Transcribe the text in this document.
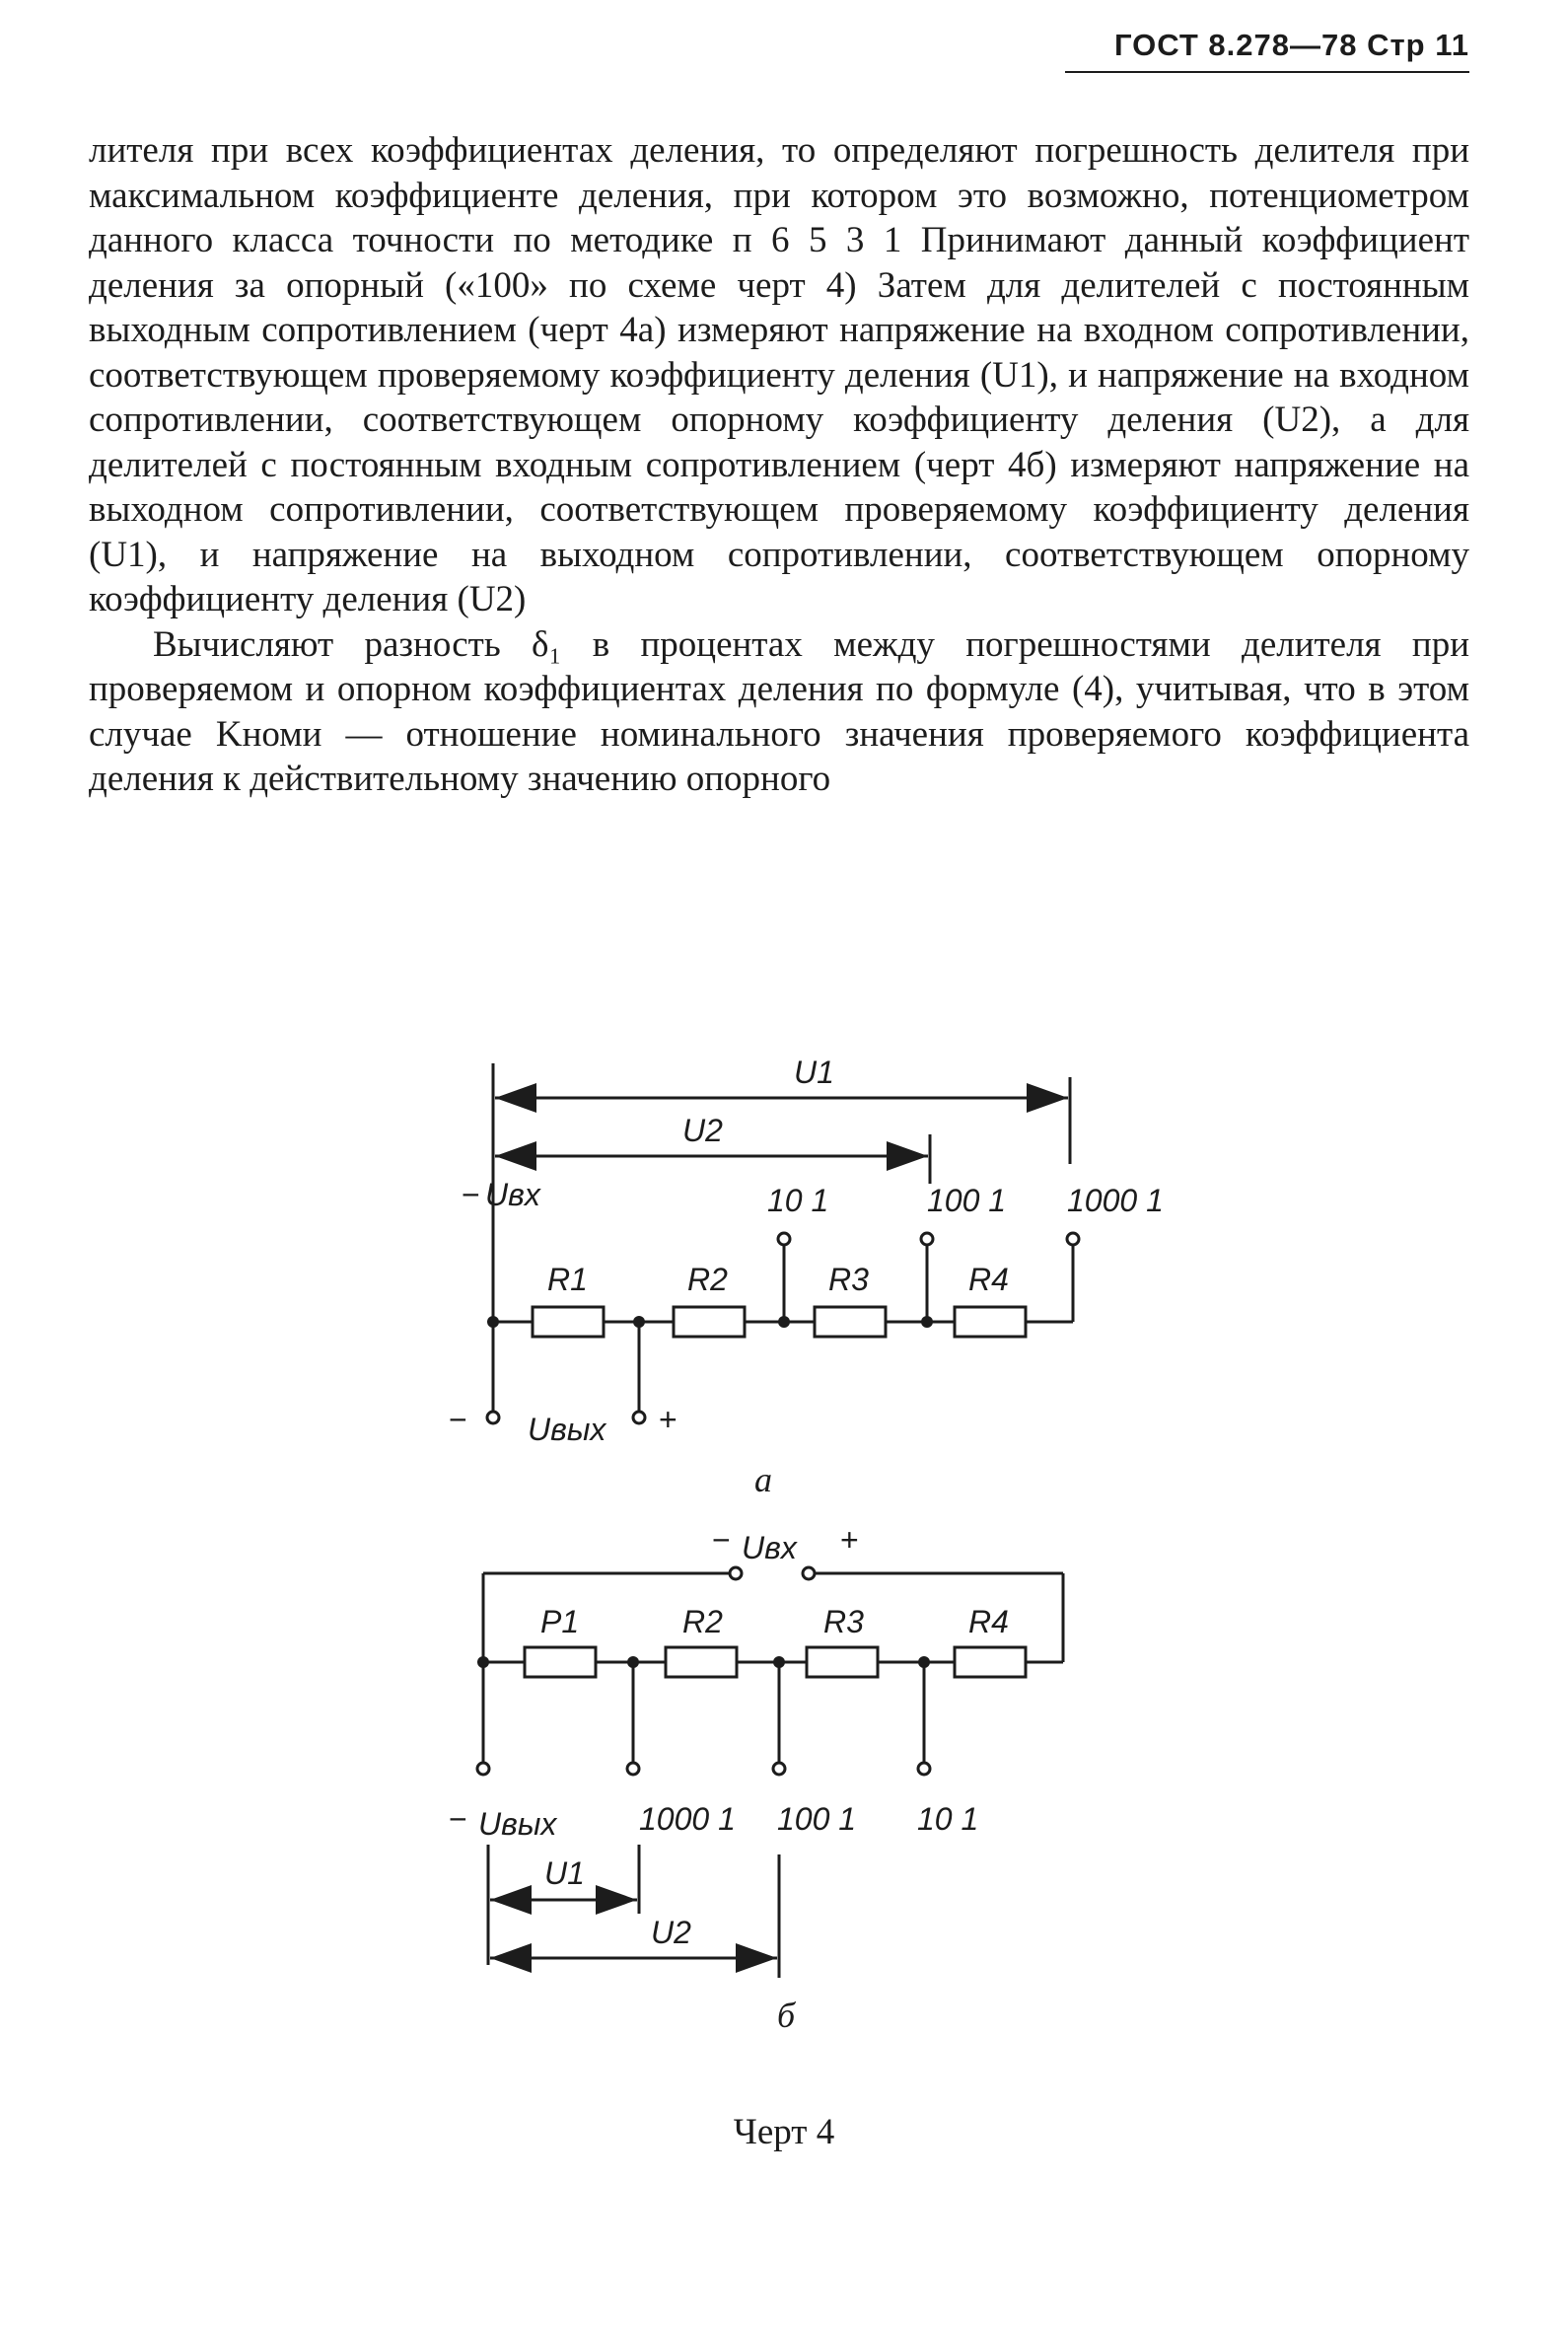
ГОСТ 8.278—78 Стр 11

лителя при всех коэффициентах деления, то определяют погрешность делителя при максимальном коэффициенте деления, при котором это возможно, потенциометром данного класса точности по методике п 6 5 3 1 Принимают данный коэффициент деления за опорный («100» по схеме черт 4) Затем для делителей с постоянным выходным сопротивлением (черт 4а) измеряют напряжение на входном сопротивлении, соответствующем проверяемому коэффициенту деления (U1), и напряжение на входном сопротивлении, соответствующем опорному коэффициенту деления (U2), а для делителей с постоянным входным сопротивлением (черт 4б) измеряют напряжение на выходном сопротивлении, соответствующем проверяемому коэффициенту деления (U1), и напряжение на выходном сопротивлении, соответствующем опорному коэффициенту деления (U2)

Вычисляют разность δ₁ в процентах между погрешностями делителя при проверяемом и опорном коэффициентах деления по формуле (4), учитывая, что в этом случае Kноми — отношение номинального значения проверяемого коэффициента деления к действительному значению опорного

U1
U2
− Uвх	10 1	100 1 1000 1
R1	R2	R3	R4
− Uвых +
a
− Uвх +
P1	R2	R3	R4
− Uвых	1000 1 100 1 10 1
U1
U2
б
Черт 4
